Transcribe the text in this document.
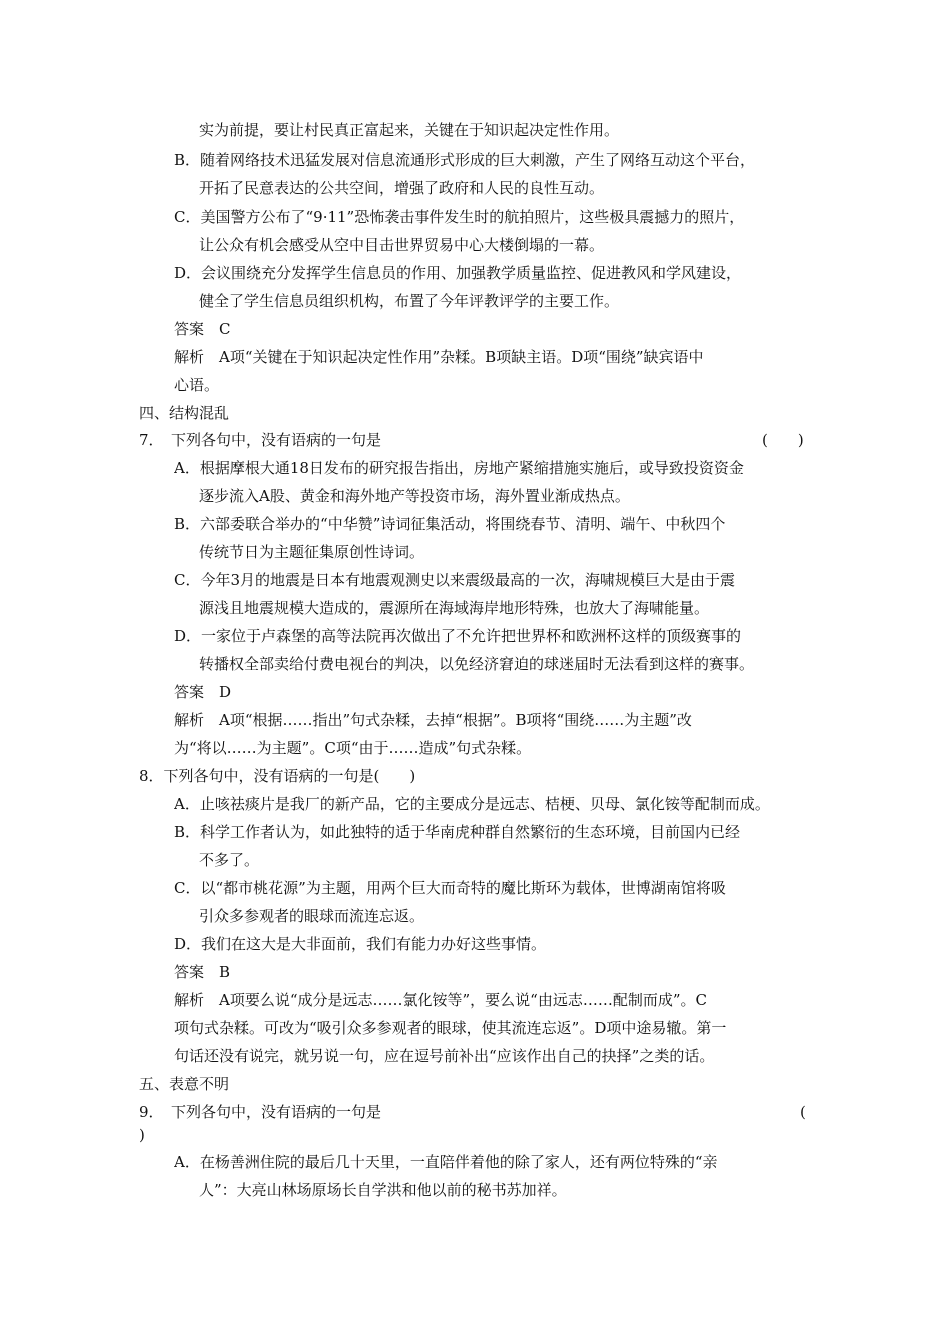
实为前提，要让村民真正富起来，关键在于知识起决定性作用。
B．随着网络技术迅猛发展对信息流通形式形成的巨大刺激，产生了网络互动这个平台，
开拓了民意表达的公共空间，增强了政府和人民的良性互动。
C．美国警方公布了“9·11”恐怖袭击事件发生时的航拍照片，这些极具震撼力的照片，
让公众有机会感受从空中目击世界贸易中心大楼倒塌的一幕。
D．会议围绕充分发挥学生信息员的作用、加强教学质量监控、促进教风和学风建设，
健全了学生信息员组织机构，布置了今年评教评学的主要工作。
答案　C
解析　A项“关键在于知识起决定性作用”杂糅。B项缺主语。D项“围绕”缺宾语中
心语。
四、结构混乱
7．　下列各句中，没有语病的一句是	(　　)
A．根据摩根大通18日发布的研究报告指出，房地产紧缩措施实施后，或导致投资资金
逐步流入A股、黄金和海外地产等投资市场，海外置业渐成热点。
B．六部委联合举办的“中华赞”诗词征集活动，将围绕春节、清明、端午、中秋四个
传统节日为主题征集原创性诗词。
C．今年3月的地震是日本有地震观测史以来震级最高的一次，海啸规模巨大是由于震
源浅且地震规模大造成的，震源所在海域海岸地形特殊，也放大了海啸能量。
D．一家位于卢森堡的高等法院再次做出了不允许把世界杯和欧洲杯这样的顶级赛事的
转播权全部卖给付费电视台的判决，以免经济窘迫的球迷届时无法看到这样的赛事。
答案　D
解析　A项“根据……指出”句式杂糅，去掉“根据”。B项将“围绕……为主题”改
为“将以……为主题”。C项“由于……造成”句式杂糅。
8．下列各句中，没有语病的一句是(　　)
A．止咳祛痰片是我厂的新产品，它的主要成分是远志、桔梗、贝母、氯化铵等配制而成。
B．科学工作者认为，如此独特的适于华南虎种群自然繁衍的生态环境，目前国内已经
不多了。
C．以“都市桃花源”为主题，用两个巨大而奇特的魔比斯环为载体，世博湖南馆将吸
引众多参观者的眼球而流连忘返。
D．我们在这大是大非面前，我们有能力办好这些事情。
答案　B
解析　A项要么说“成分是远志……氯化铵等”，要么说“由远志……配制而成”。C
项句式杂糅。可改为“吸引众多参观者的眼球，使其流连忘返”。D项中途易辙。第一
句话还没有说完，就另说一句，应在逗号前补出“应该作出自己的抉择”之类的话。
五、表意不明
9．　下列各句中，没有语病的一句是	(
)
A．在杨善洲住院的最后几十天里，一直陪伴着他的除了家人，还有两位特殊的“亲
人”：大亮山林场原场长自学洪和他以前的秘书苏加祥。
